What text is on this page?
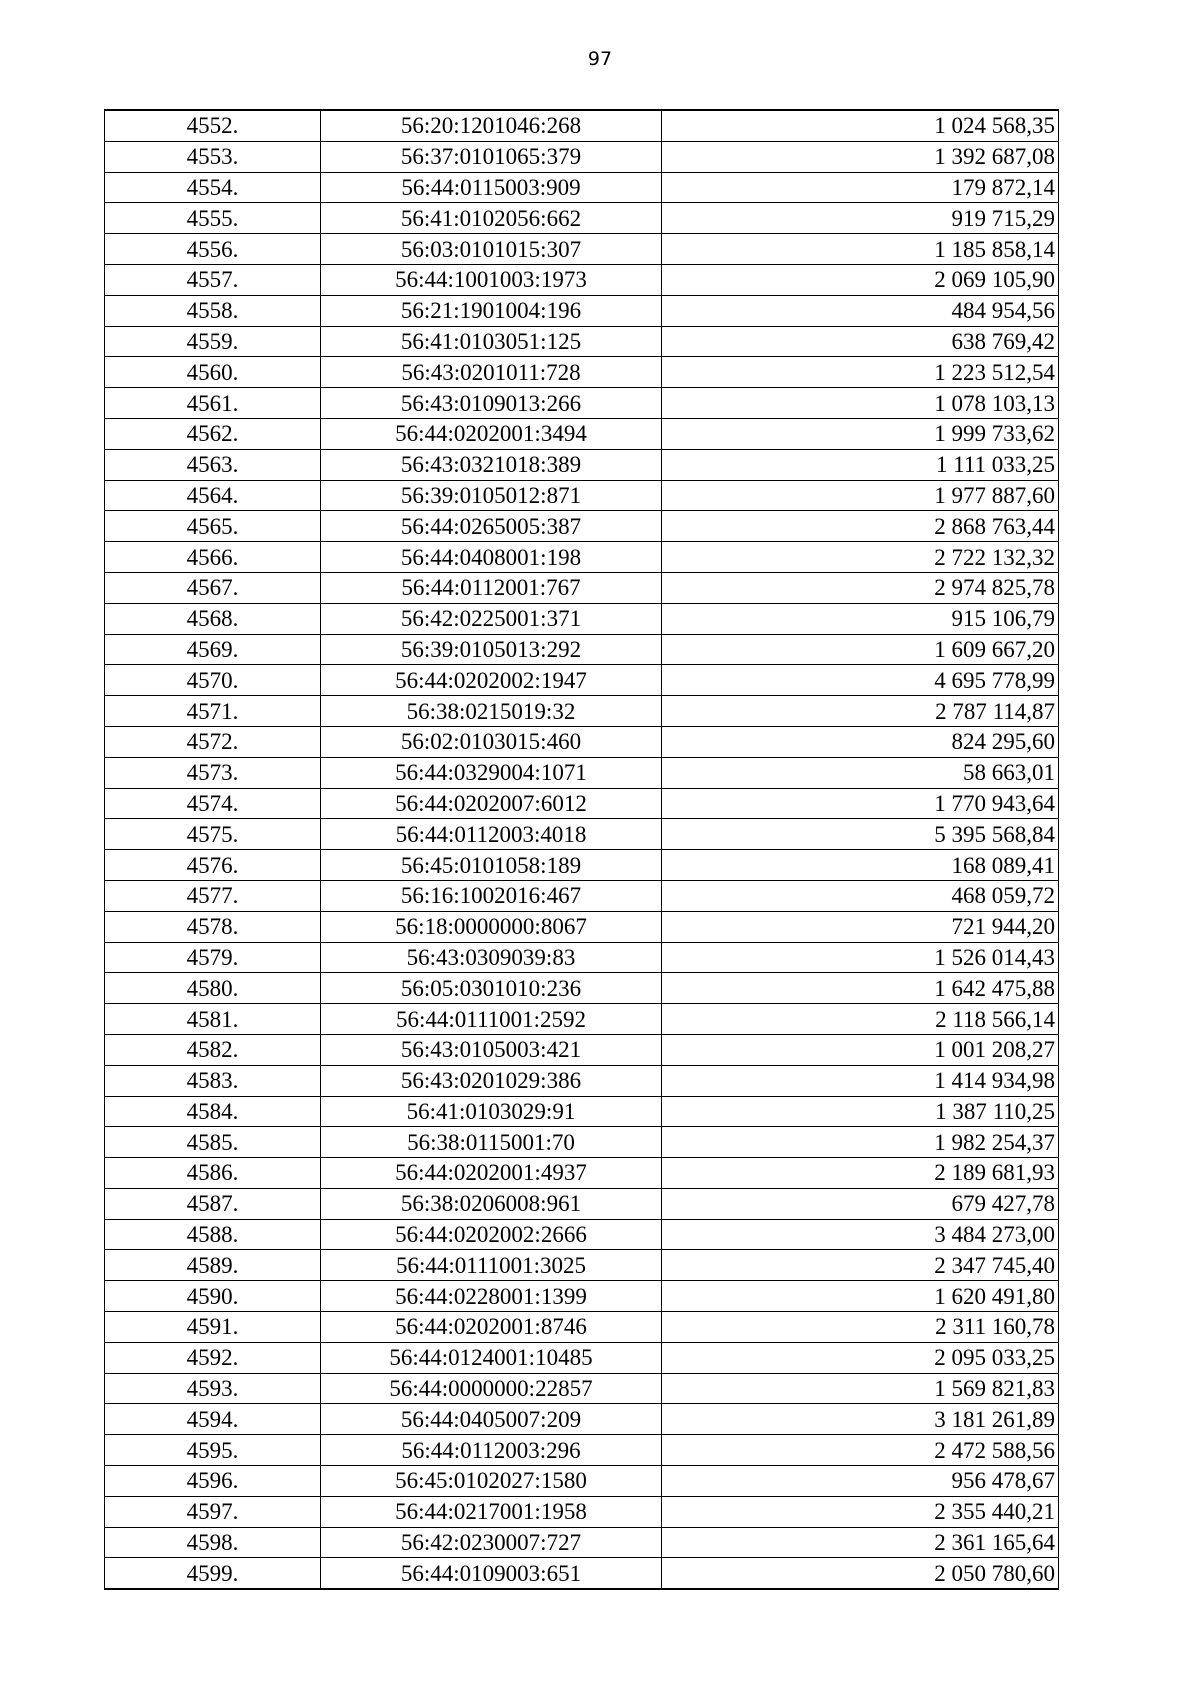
97
4552.	56:20:1201046:268	1 024 568,35
4553.	56:37:0101065:379	1 392 687,08
4554.	56:44:0115003:909	179 872,14
4555.	56:41:0102056:662	919 715,29
4556.	56:03:0101015:307	1 185 858,14
4557.	56:44:1001003:1973	2 069 105,90
4558.	56:21:1901004:196	484 954,56
4559.	56:41:0103051:125	638 769,42
4560.	56:43:0201011:728	1 223 512,54
4561.	56:43:0109013:266	1 078 103,13
4562.	56:44:0202001:3494	1 999 733,62
4563.	56:43:0321018:389	1 111 033,25
4564.	56:39:0105012:871	1 977 887,60
4565.	56:44:0265005:387	2 868 763,44
4566.	56:44:0408001:198	2 722 132,32
4567.	56:44:0112001:767	2 974 825,78
4568.	56:42:0225001:371	915 106,79
4569.	56:39:0105013:292	1 609 667,20
4570.	56:44:0202002:1947	4 695 778,99
4571.	56:38:0215019:32	2 787 114,87
4572.	56:02:0103015:460	824 295,60
4573.	56:44:0329004:1071	58 663,01
4574.	56:44:0202007:6012	1 770 943,64
4575.	56:44:0112003:4018	5 395 568,84
4576.	56:45:0101058:189	168 089,41
4577.	56:16:1002016:467	468 059,72
4578.	56:18:0000000:8067	721 944,20
4579.	56:43:0309039:83	1 526 014,43
4580.	56:05:0301010:236	1 642 475,88
4581.	56:44:0111001:2592	2 118 566,14
4582.	56:43:0105003:421	1 001 208,27
4583.	56:43:0201029:386	1 414 934,98
4584.	56:41:0103029:91	1 387 110,25
4585.	56:38:0115001:70	1 982 254,37
4586.	56:44:0202001:4937	2 189 681,93
4587.	56:38:0206008:961	679 427,78
4588.	56:44:0202002:2666	3 484 273,00
4589.	56:44:0111001:3025	2 347 745,40
4590.	56:44:0228001:1399	1 620 491,80
4591.	56:44:0202001:8746	2 311 160,78
4592.	56:44:0124001:10485	2 095 033,25
4593.	56:44:0000000:22857	1 569 821,83
4594.	56:44:0405007:209	3 181 261,89
4595.	56:44:0112003:296	2 472 588,56
4596.	56:45:0102027:1580	956 478,67
4597.	56:44:0217001:1958	2 355 440,21
4598.	56:42:0230007:727	2 361 165,64
4599.	56:44:0109003:651	2 050 780,60
